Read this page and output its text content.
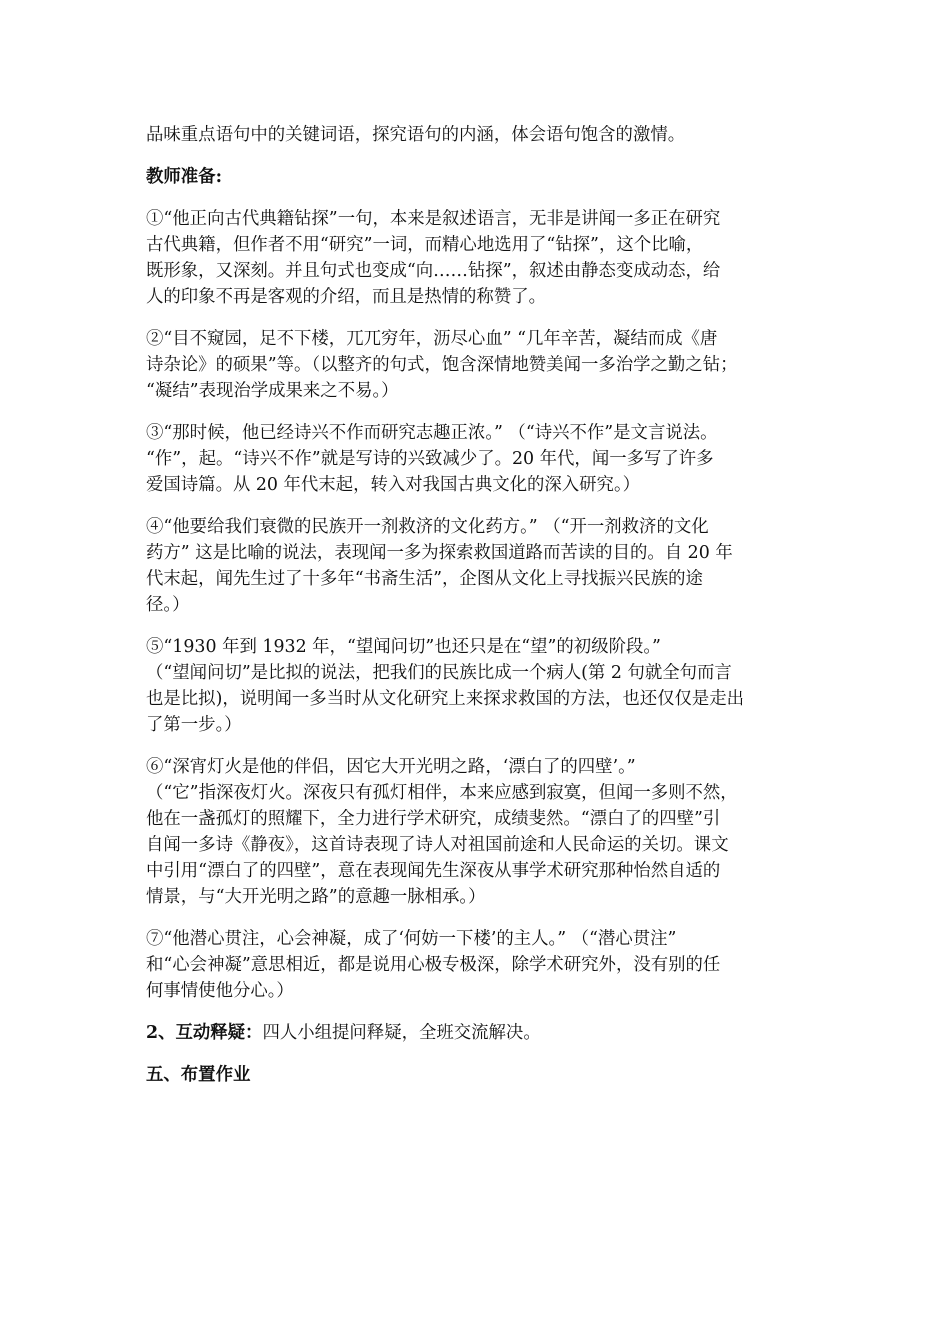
品味重点语句中的关键词语，探究语句的内涵，体会语句饱含的激情。

教师准备:

①“他正向古代典籍钻探”一句，本来是叙述语言，无非是讲闻一多正在研究
古代典籍，但作者不用“研究”一词，而精心地选用了“钻探”，这个比喻，
既形象，又深刻。并且句式也变成“向……钻探”，叙述由静态变成动态，给
人的印象不再是客观的介绍，而且是热情的称赞了。

②“目不窥园，足不下楼，兀兀穷年，沥尽心血” “几年辛苦，凝结而成《唐
诗杂论》的硕果”等。（以整齐的句式，饱含深情地赞美闻一多治学之勤之钻；
“凝结”表现治学成果来之不易。）

③“那时候，他已经诗兴不作而研究志趣正浓。” （“诗兴不作”是文言说法。
“作”，起。“诗兴不作”就是写诗的兴致减少了。20 年代，闻一多写了许多
爱国诗篇。从 20 年代末起，转入对我国古典文化的深入研究。）

④“他要给我们衰微的民族开一剂救济的文化药方。” （“开一剂救济的文化
药方” 这是比喻的说法，表现闻一多为探索救国道路而苦读的目的。自 20 年
代末起，闻先生过了十多年“书斋生活”，企图从文化上寻找振兴民族的途
径。）

⑤“1930 年到 1932 年，“望闻问切”也还只是在“望”的初级阶段。”
（“望闻问切”是比拟的说法，把我们的民族比成一个病人(第 2 句就全句而言
也是比拟)，说明闻一多当时从文化研究上来探求救国的方法，也还仅仅是走出
了第一步。）

⑥“深宵灯火是他的伴侣，因它大开光明之路，‘漂白了的四壁’。”
（“它”指深夜灯火。深夜只有孤灯相伴，本来应感到寂寞，但闻一多则不然，
他在一盏孤灯的照耀下，全力进行学术研究，成绩斐然。“漂白了的四壁”引
自闻一多诗《静夜》，这首诗表现了诗人对祖国前途和人民命运的关切。课文
中引用“漂白了的四壁”，意在表现闻先生深夜从事学术研究那种怡然自适的
情景，与“大开光明之路”的意趣一脉相承。）

⑦“他潜心贯注，心会神凝，成了‘何妨一下楼’的主人。” （“潜心贯注”
和“心会神凝”意思相近，都是说用心极专极深，除学术研究外，没有别的任
何事情使他分心。）

2、互动释疑：四人小组提问释疑，全班交流解决。

五、布置作业
